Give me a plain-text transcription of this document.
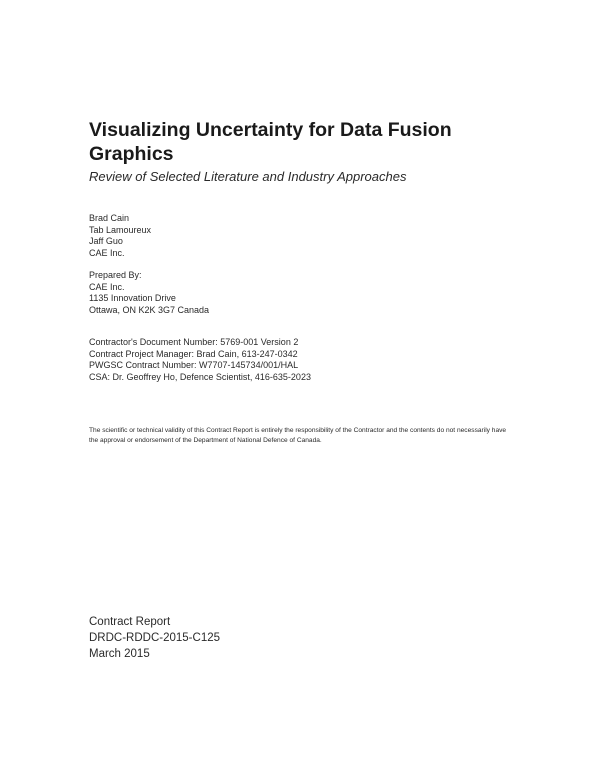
Visualizing Uncertainty for Data Fusion Graphics

Review of Selected Literature and Industry Approaches

Brad Cain
Tab Lamoureux
Jaff Guo
CAE Inc.
Prepared By:
CAE Inc.
1135 Innovation Drive
Ottawa, ON K2K 3G7 Canada
Contractor's Document Number: 5769-001 Version 2
Contract Project Manager: Brad Cain, 613-247-0342
PWGSC Contract Number: W7707-145734/001/HAL
CSA: Dr. Geoffrey Ho, Defence Scientist, 416-635-2023

The scientific or technical validity of this Contract Report is entirely the responsibility of the Contractor and the contents do not necessarily have the approval or endorsement of the Department of National Defence of Canada.

Contract Report
DRDC-RDDC-2015-C125
March 2015
